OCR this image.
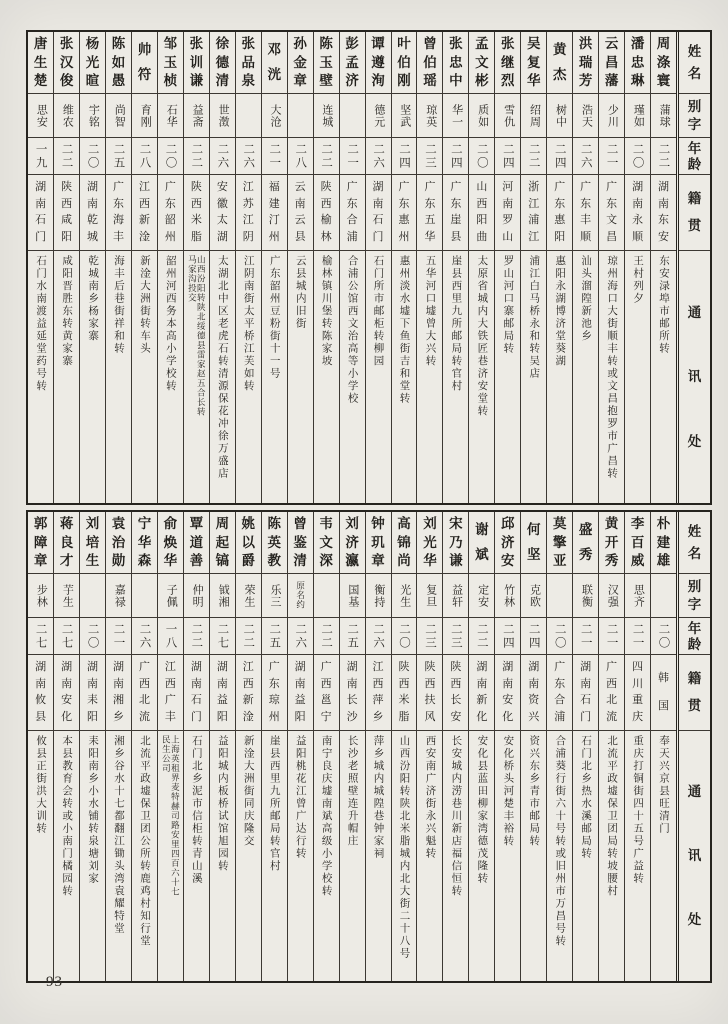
姓
名
别
字
年
龄
籍
贯
通
讯
处
周
涤
寰
蒲球
二二
湖
南
东
安
东安渌埠市邮所转
潘
忠
琳
瑾如
二〇
湖
南
永
顺
王村列夕
云
昌
藩
少川
二一
广
东
文
昌
琼州海口大街顺丰转或文昌抱罗市广昌转
洪
瑞
芳
浩天
二六
广
东
丰
顺
汕头溜隍新池乡
黄
杰
树中
二四
广
东
惠
阳
惠阳永湖博济堂葵湖
吴
复
华
绍周
二二
浙
江
浦
江
浦江白马桥永和转吴店
张
继
烈
雪仇
二四
河
南
罗
山
罗山河口寨邮局转
孟
文
彬
质如
二〇
山
西
阳
曲
太原省城内大铁匠巷济安堂转
张
忠
中
华一
二四
广
东
崖
县
崖县西里九所邮局转官村
曾
伯
瑶
琼英
二三
广
东
五
华
五华河口墟曾大兴转
叶
伯
刚
坚武
二四
广
东
惠
州
惠州淡水墟下鱼街吉和堂转
谭
遵
洵
德元
二六
湖
南
石
门
石门所市邮柜转柳园
彭
孟
济
二一
广
东
合
浦
合浦公馆西文治高等小学校
陈
玉
壁
连城
二二
陕
西
榆
林
榆林镇川堡转陈家坡
孙
金
章
二八
云
南
云
县
云县城内旧街
邓
洸
大沧
二一
福
建
汀
州
广东韶州豆粉街十一号
张
品
泉
二六
江
苏
江
阴
江阴南街太平桥江芙如转
徐
德
清
世澂
二六
安
徽
太
湖
太湖北中区老虎石转清源保花冲徐万盛店
张
训
谦
益斋
二二
陕
西
米
脂
山西汾阳转陕北绥德县雷家赵五合长转
马家沟投交
邹
玉
桢
石华
二〇
广
东
韶
州
韶州河西务本高小学校转
帅
符
育刚
二八
江
西
新
淦
新淦大洲街转车头
陈
如
愚
尚智
二五
广
东
海
丰
海丰后巷街祥和转
杨
光
暄
宇铭
二〇
湖
南
乾
城
乾城南乡杨家寨
张
汉
俊
维农
二二
陕
西
咸
阳
咸阳晋胜东转黄家寨
唐
生
楚
思安
一九
湖
南
石
门
石门水南渡益延堂药号转
姓
名
别
字
年
龄
籍
贯
通
讯
处
朴
建
雄
二〇
韩
国
奉天兴京县旺清门
李
百
威
思齐
二一
四
川
重
庆
重庆打铜街四十五号广益转
黄
开
秀
汉强
二一
广
西
北
流
北流平政墟保卫团局转坡腰村
盛
秀
联衡
二一
湖
南
石
门
石门北乡热水溪邮局转
莫
擎
亚
二〇
广
东
合
浦
合浦葵行街六十号转或旧州市万昌号转
何
坚
克欧
二四
湖
南
资
兴
资兴东乡青市邮局转
邱
济
安
竹林
二四
湖
南
安
化
安化桥头河楚丰裕转
谢
斌
定安
二二
湖
南
新
化
安化县蓝田柳家湾德茂隆转
宋
乃
谦
益轩
二三
陕
西
长
安
长安城内涝巷川新店福信恒转
刘
光
华
复旦
二三
陕
西
扶
风
西安南广济街永兴魁转
高
锦
尚
光生
二〇
陕
西
米
脂
山西汾阳转陕北米脂城内北大街二十八号
钟
玑
章
衡持
二六
江
西
萍
乡
萍乡城内城隍巷钟家祠
刘
济
瀛
国基
二五
湖
南
长
沙
长沙老照壁连升帽庄
韦
文
深
二二
广
西
邕
宁
南宁良庆墟南斌高级小学校转
曾
鉴
清
原名约
二六
湖
南
益
阳
益阳桃花江曾广达行转
陈
英
教
乐三
二五
广
东
琼
州
崖县西里九所邮局转官村
姚
以
爵
荣生
二二
江
西
新
淦
新淦大洲街同庆隆交
周
起
镐
钺湘
二七
湖
南
益
阳
益阳城内板桥试馆旭园转
覃
道
善
仲明
二二
湖
南
石
门
石门北乡泥市信柜转青山溪
俞
焕
华
子佩
一八
江
西
广
丰
上海英租界麦特赫司路安里四百六十七
民生公司
宁
华
森
二六
广
西
北
流
北流平政墟保卫团公所转鹿鸡村知行堂
袁
治
勋
嘉禄
二一
湖
南
湘
乡
湘乡谷水十七都翻江锄头湾袁耀特堂
刘
培
生
二〇
湖
南
耒
阳
耒阳南乡小水铺转泉塘刘家
蒋
良
才
芋生
二七
湖
南
安
化
本县教育会转或小南门橘园转
郭
障
章
步林
二七
湖
南
攸
县
攸县正街洪大训转
93
